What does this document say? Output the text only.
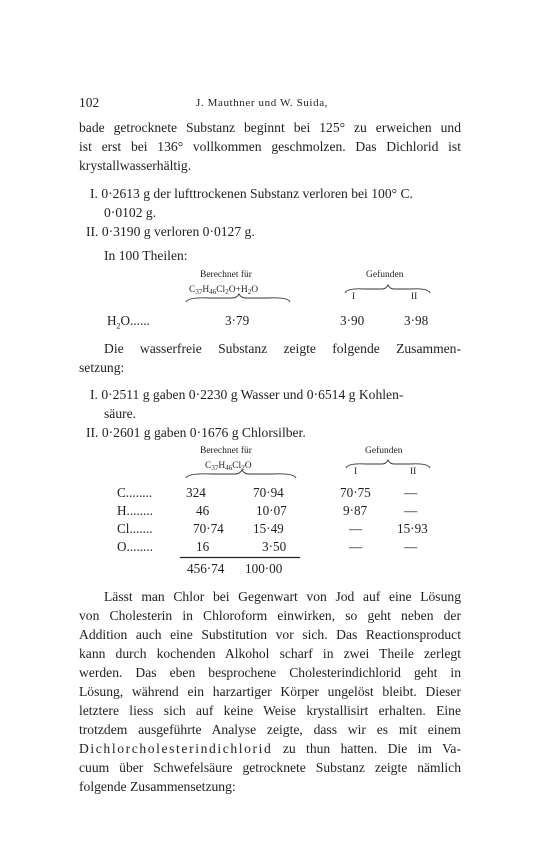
102	J. Mauthner und W. Suida,
bade getrocknete Substanz beginnt bei 125° zu erweichen und
ist erst bei 136° vollkommen geschmolzen. Das Dichlorid ist
krystallwasserhältig.
I. 0·2613 g der lufttrockenen Substanz verloren bei 100° C.
0·0102 g.
II. 0·3190 g verloren 0·0127 g.
In 100 Theilen:
Berechnet für
$C_{37}H_{46}Cl_2O+H_2O$
Gefunden
I	II
$H_2O$......	3·79	3·90	3·98
Die wasserfreie Substanz zeigte folgende Zusammen-
setzung:
I. 0·2511 g gaben 0·2230 g Wasser und 0·6514 g Kohlen-
säure.
II. 0·2601 g gaben 0·1676 g Chlorsilber.
Berechnet für
$C_{37}H_{46}Cl_2O$
Gefunden
I	II
C........	324	70·94	70·75	—
H........	46	10·07	9·87	—
Cl.......	70·74 15·49	—	15·93
O........	16	3·50	—	—
456·74 100·00
Lässt man Chlor bei Gegenwart von Jod auf eine Lösung
von Cholesterin in Chloroform einwirken, so geht neben der
Addition auch eine Substitution vor sich. Das Reactionsproduct
kann durch kochenden Alkohol scharf in zwei Theile zerlegt
werden. Das eben besprochene Cholesterindichlorid geht in
Lösung, während ein harzartiger Körper ungelöst bleibt. Dieser
letztere liess sich auf keine Weise krystallisirt erhalten. Eine
trotzdem ausgeführte Analyse zeigte, dass wir es mit einem
Dichlorcholesterindichlorid zu thun hatten. Die im Va-
cuum über Schwefelsäure getrocknete Substanz zeigte nämlich
folgende Zusammensetzung:
